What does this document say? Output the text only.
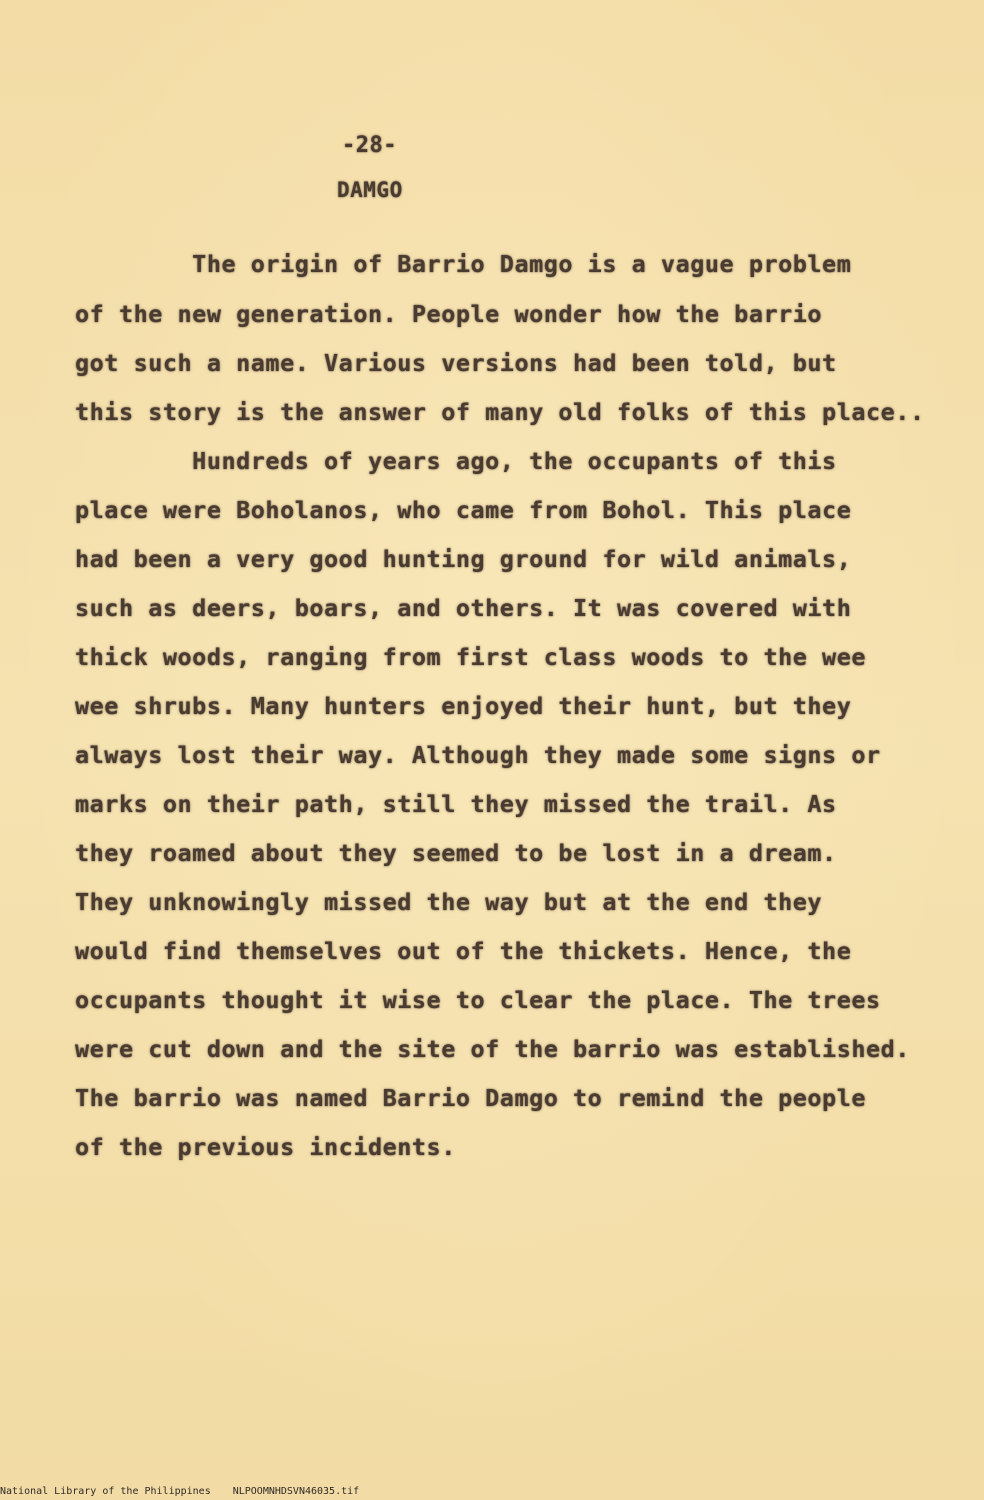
-28-

DAMGO

The origin of Barrio Damgo is a vague problem

of the new generation. People wonder how the barrio

got such a name. Various versions had been told, but

this story is the answer of many old folks of this place..

Hundreds of years ago, the occupants of this

place were Boholanos, who came from Bohol. This place

had been a very good hunting ground for wild animals,

such as deers, boars, and others. It was covered with

thick woods, ranging from first class woods to the wee

wee shrubs. Many hunters enjoyed their hunt, but they

always lost their way. Although they made some signs or

marks on their path, still they missed the trail. As

they roamed about they seemed to be lost in a dream.

They unknowingly missed the way but at the end they

would find themselves out of the thickets. Hence, the

occupants thought it wise to clear the place. The trees

were cut down and the site of the barrio was established.

The barrio was named Barrio Damgo to remind the people

of the previous incidents.

National Library of the Philippines NLPOOMNHDSVN46035.tif
